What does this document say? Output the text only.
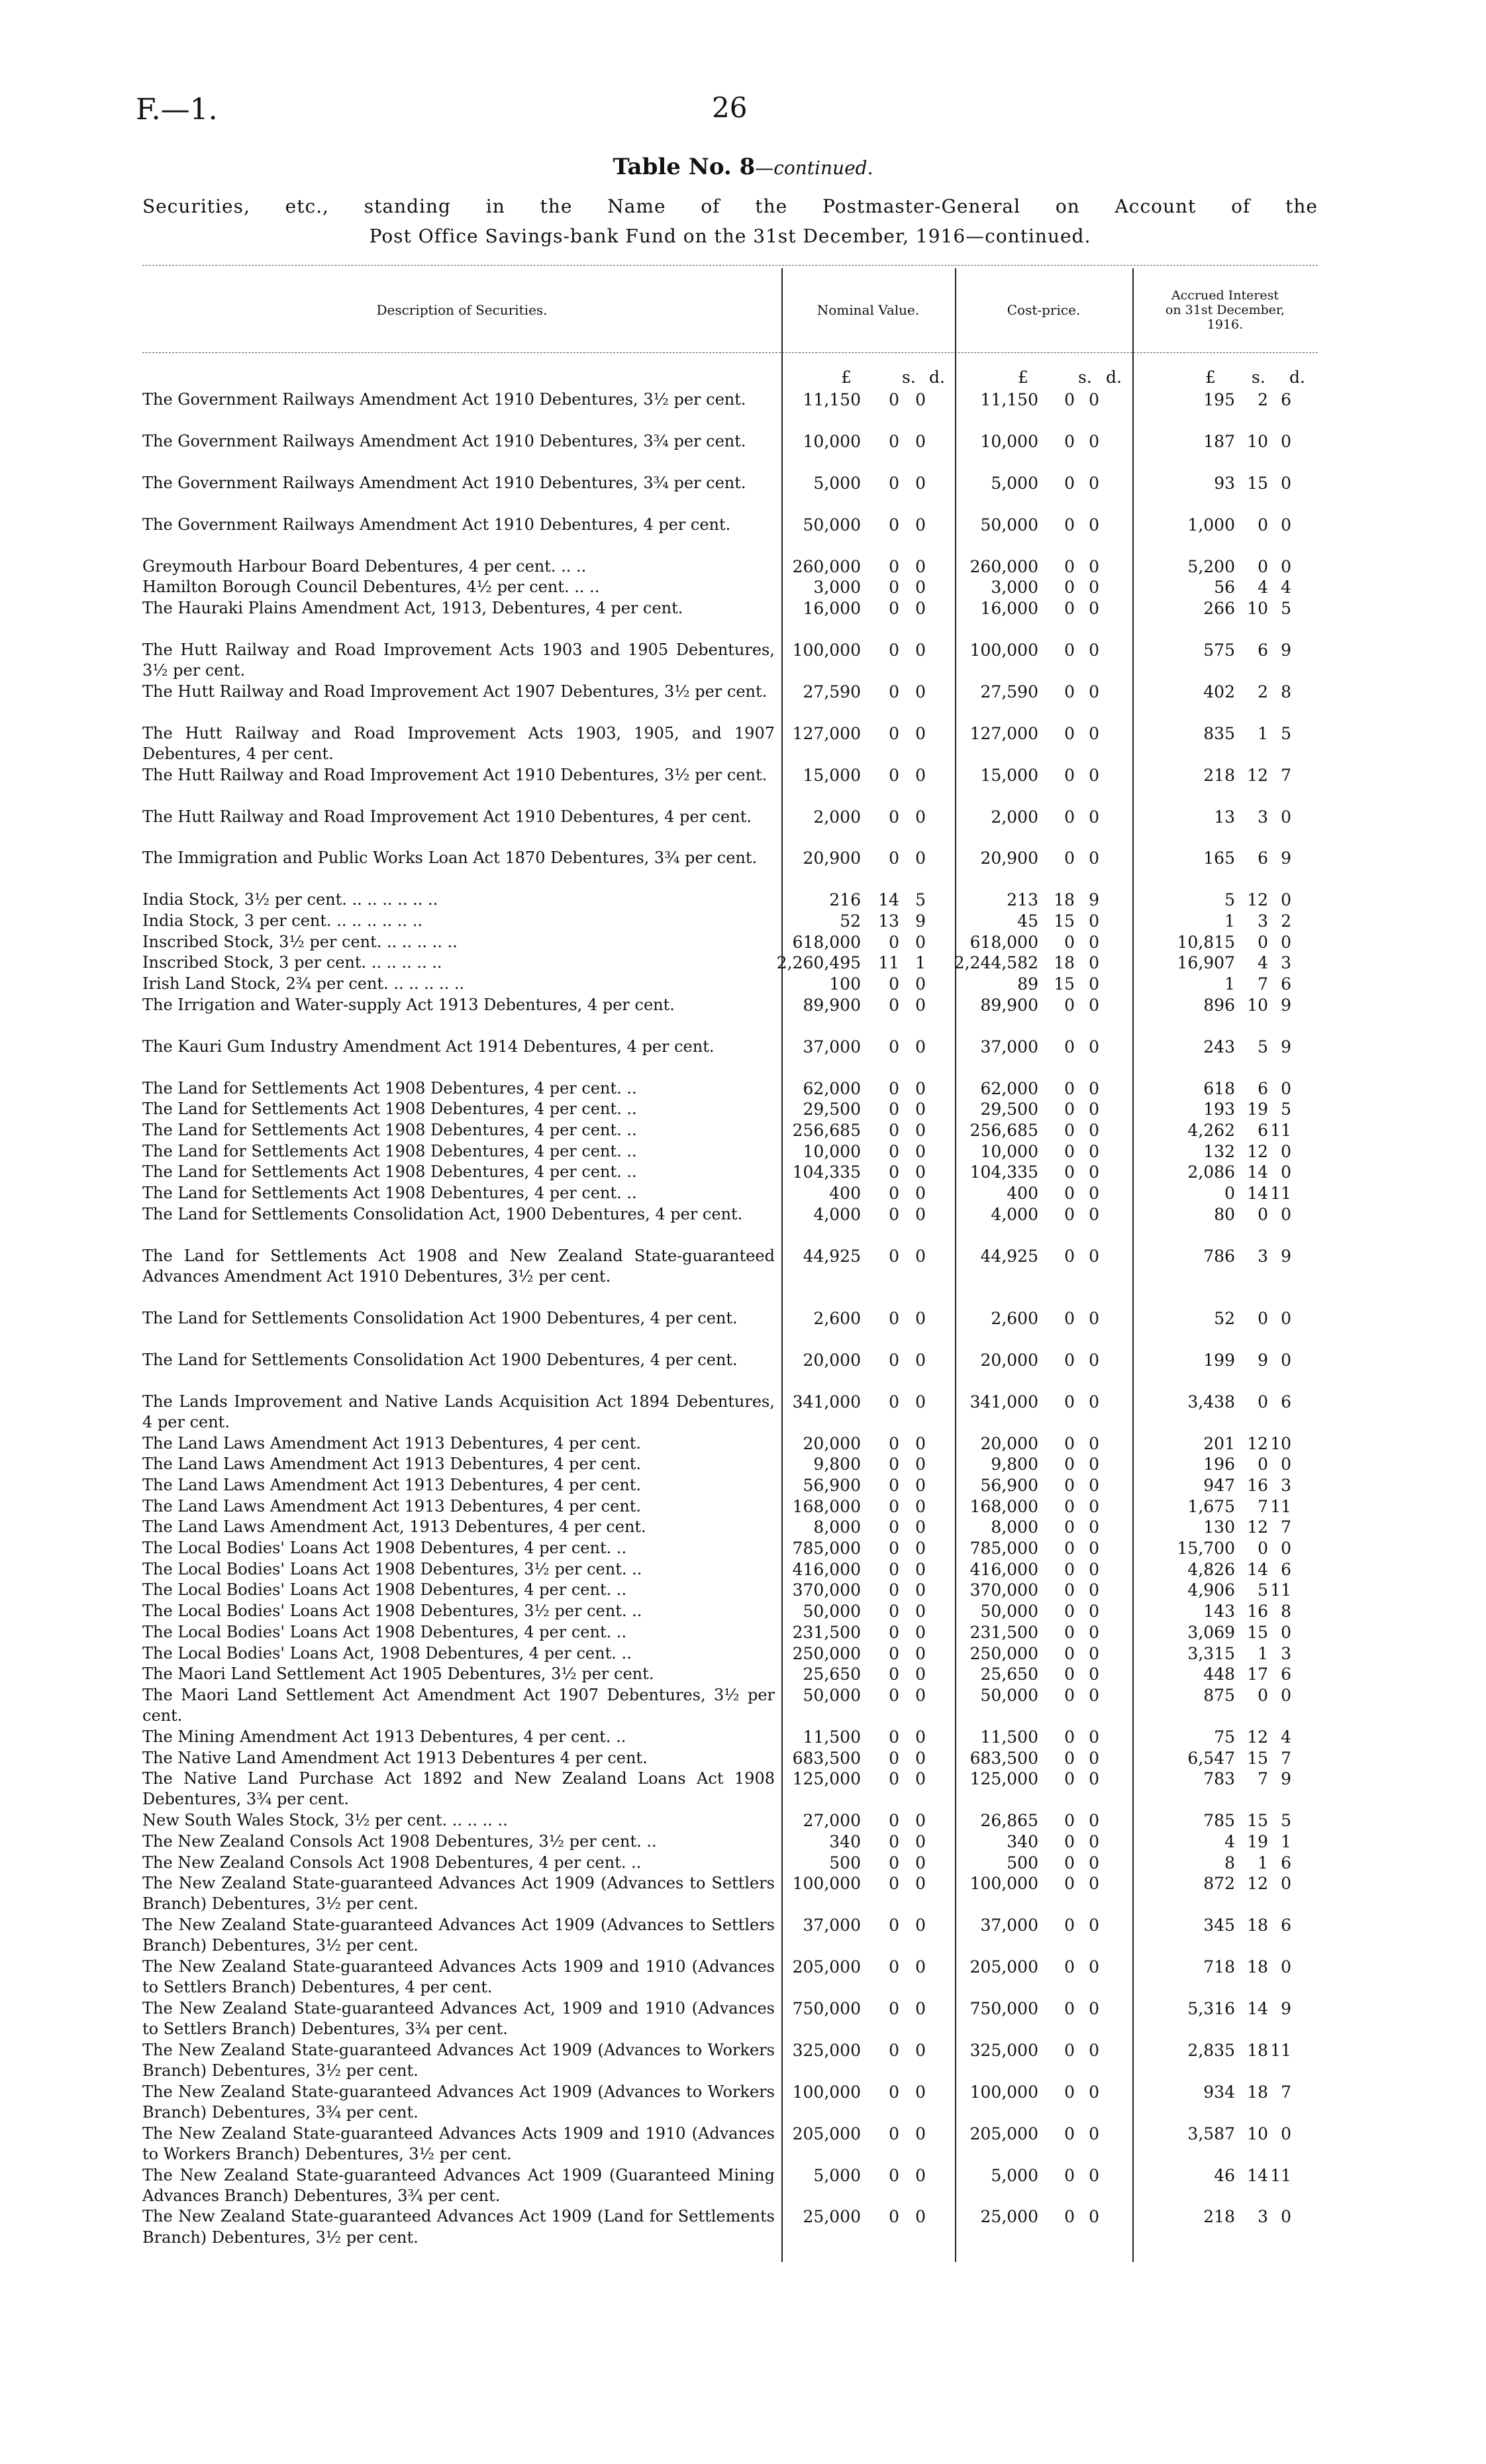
F.—1.	26
Table No. 8—continued.
Securities, etc., standing in the Name of the Postmaster-General on Account of the
Post Office Savings-bank Fund on the 31st December, 1916—continued.
Description of Securities.	Nominal Value.	Cost-price.
Accrued Interest
on 31st December,
1916.
£	s. d.	£	s. d.	£ s. d.
The Government Railways Amendment Act 1910 Debentures, 3½ per cent.	11,150	0 0	11,150	0 0	195	2 6
The Government Railways Amendment Act 1910 Debentures, 3¾ per cent.	10,000	0 0	10,000	0 0	187 10 0
The Government Railways Amendment Act 1910 Debentures, 3¾ per cent.	5,000	0 0	5,000	0 0	93 15 0
The Government Railways Amendment Act 1910 Debentures, 4 per cent.	50,000	0 0	50,000	0 0	1,000	0 0
Greymouth Harbour Board Debentures, 4 per cent. .. ..	260,000	0 0	260,000	0 0	5,200	0 0
Hamilton Borough Council Debentures, 4½ per cent. .. ..	3,000	0 0	3,000	0 0	56	4 4
The Hauraki Plains Amendment Act, 1913, Debentures, 4 per cent.	16,000	0 0	16,000	0 0	266 10 5
The Hutt Railway and Road Improvement Acts 1903 and 1905 Debentures, 3½ per cent.
100,000	0 0	100,000	0 0	575	6 9
The Hutt Railway and Road Improvement Act 1907 Debentures, 3½ per cent.	27,590	0 0	27,590	0 0	402	2 8
The Hutt Railway and Road Improvement Acts 1903, 1905, and 1907 Debentures, 4 per cent.
127,000	0 0	127,000	0 0	835	1 5
The Hutt Railway and Road Improvement Act 1910 Debentures, 3½ per cent.	15,000	0 0	15,000	0 0	218 12 7
The Hutt Railway and Road Improvement Act 1910 Debentures, 4 per cent.	2,000	0 0	2,000	0 0	13	3 0
The Immigration and Public Works Loan Act 1870 Debentures, 3¾ per cent.	20,900	0 0	20,900	0 0	165	6 9
India Stock, 3½ per cent. .. .. .. .. .. ..	216	14 5	213 18 9	5 12 0
India Stock, 3 per cent. .. .. .. .. .. ..	52	13 9	45 15 0	1	3 2
Inscribed Stock, 3½ per cent. .. .. .. .. ..	618,000	0 0	618,000	0 0	10,815	0 0
Inscribed Stock, 3 per cent. .. .. .. .. ..	2,260,495	11 1	2,244,582 18 0	16,907	4 3
Irish Land Stock, 2¾ per cent. .. .. .. .. ..	100	0 0	89 15 0	1	7 6
The Irrigation and Water-supply Act 1913 Debentures, 4 per cent.	89,900	0 0	89,900	0 0	896 10 9
The Kauri Gum Industry Amendment Act 1914 Debentures, 4 per cent.	37,000	0 0	37,000	0 0	243	5 9
The Land for Settlements Act 1908 Debentures, 4 per cent. ..	62,000	0 0	62,000	0 0	618	6 0
The Land for Settlements Act 1908 Debentures, 4 per cent. ..	29,500	0 0	29,500	0 0	193 19 5
The Land for Settlements Act 1908 Debentures, 4 per cent. ..	256,685	0 0	256,685	0 0	4,262	6 11
The Land for Settlements Act 1908 Debentures, 4 per cent. ..	10,000	0 0	10,000	0 0	132 12 0
The Land for Settlements Act 1908 Debentures, 4 per cent. ..	104,335	0 0	104,335	0 0	2,086 14 0
The Land for Settlements Act 1908 Debentures, 4 per cent. ..	400	0 0	400	0 0	0 14 11
The Land for Settlements Consolidation Act, 1900 Debentures, 4 per cent.	4,000	0 0	4,000	0 0	80	0 0
The Land for Settlements Act 1908 and New Zealand State-guaranteed Advances Amendment Act 1910 Debentures, 3½ per cent.
44,925	0 0	44,925	0 0	786	3 9
The Land for Settlements Consolidation Act 1900 Debentures, 4 per cent.	2,600	0 0	2,600	0 0	52	0 0
The Land for Settlements Consolidation Act 1900 Debentures, 4 per cent.	20,000	0 0	20,000	0 0	199	9 0
The Lands Improvement and Native Lands Acquisition Act 1894 Debentures, 4 per cent.
341,000	0 0	341,000	0 0	3,438	0 6
The Land Laws Amendment Act 1913 Debentures, 4 per cent.	20,000	0 0	20,000	0 0	201 12 10
The Land Laws Amendment Act 1913 Debentures, 4 per cent.	9,800	0 0	9,800	0 0	196	0 0
The Land Laws Amendment Act 1913 Debentures, 4 per cent.	56,900	0 0	56,900	0 0	947 16 3
The Land Laws Amendment Act 1913 Debentures, 4 per cent.	168,000	0 0	168,000	0 0	1,675	7 11
The Land Laws Amendment Act, 1913 Debentures, 4 per cent.	8,000	0 0	8,000	0 0	130 12 7
The Local Bodies' Loans Act 1908 Debentures, 4 per cent. ..	785,000	0 0	785,000	0 0	15,700	0 0
The Local Bodies' Loans Act 1908 Debentures, 3½ per cent. ..	416,000	0 0	416,000	0 0	4,826 14 6
The Local Bodies' Loans Act 1908 Debentures, 4 per cent. ..	370,000	0 0	370,000	0 0	4,906	5 11
The Local Bodies' Loans Act 1908 Debentures, 3½ per cent. ..	50,000	0 0	50,000	0 0	143 16 8
The Local Bodies' Loans Act 1908 Debentures, 4 per cent. ..	231,500	0 0	231,500	0 0	3,069 15 0
The Local Bodies' Loans Act, 1908 Debentures, 4 per cent. ..	250,000	0 0	250,000	0 0	3,315	1 3
The Maori Land Settlement Act 1905 Debentures, 3½ per cent.	25,650	0 0	25,650	0 0	448 17 6
The Maori Land Settlement Act Amendment Act 1907 Debentures, 3½ per cent.
50,000	0 0	50,000	0 0	875	0 0
The Mining Amendment Act 1913 Debentures, 4 per cent. ..	11,500	0 0	11,500	0 0	75 12 4
The Native Land Amendment Act 1913 Debentures 4 per cent.	683,500	0 0	683,500	0 0	6,547 15 7
The Native Land Purchase Act 1892 and New Zealand Loans Act 1908 Debentures, 3¾ per cent.
125,000	0 0	125,000	0 0	783	7 9
New South Wales Stock, 3½ per cent. .. .. .. ..	27,000	0 0	26,865	0 0	785 15 5
The New Zealand Consols Act 1908 Debentures, 3½ per cent. ..	340	0 0	340	0 0	4 19 1
The New Zealand Consols Act 1908 Debentures, 4 per cent. ..	500	0 0	500	0 0	8	1 6
The New Zealand State-guaranteed Advances Act 1909 (Advances to Settlers Branch) Debentures, 3½ per cent.
100,000	0 0	100,000	0 0	872 12 0
The New Zealand State-guaranteed Advances Act 1909 (Advances to Settlers Branch) Debentures, 3½ per cent.
37,000	0 0	37,000	0 0	345 18 6
The New Zealand State-guaranteed Advances Acts 1909 and 1910 (Advances to Settlers Branch) Debentures, 4 per cent.
205,000	0 0	205,000	0 0	718 18 0
The New Zealand State-guaranteed Advances Act, 1909 and 1910 (Advances to Settlers Branch) Debentures, 3¾ per cent.
750,000	0 0	750,000	0 0	5,316 14 9
The New Zealand State-guaranteed Advances Act 1909 (Advances to Workers Branch) Debentures, 3½ per cent.
325,000	0 0	325,000	0 0	2,835 18 11
The New Zealand State-guaranteed Advances Act 1909 (Advances to Workers Branch) Debentures, 3¾ per cent.
100,000	0 0	100,000	0 0	934 18 7
The New Zealand State-guaranteed Advances Acts 1909 and 1910 (Advances to Workers Branch) Debentures, 3½ per cent.
205,000	0 0	205,000	0 0	3,587 10 0
The New Zealand State-guaranteed Advances Act 1909 (Guaranteed Mining Advances Branch) Debentures, 3¾ per cent.
5,000	0 0	5,000	0 0	46 14 11
The New Zealand State-guaranteed Advances Act 1909 (Land for Settlements Branch) Debentures, 3½ per cent.
25,000	0 0	25,000	0 0	218	3 0
